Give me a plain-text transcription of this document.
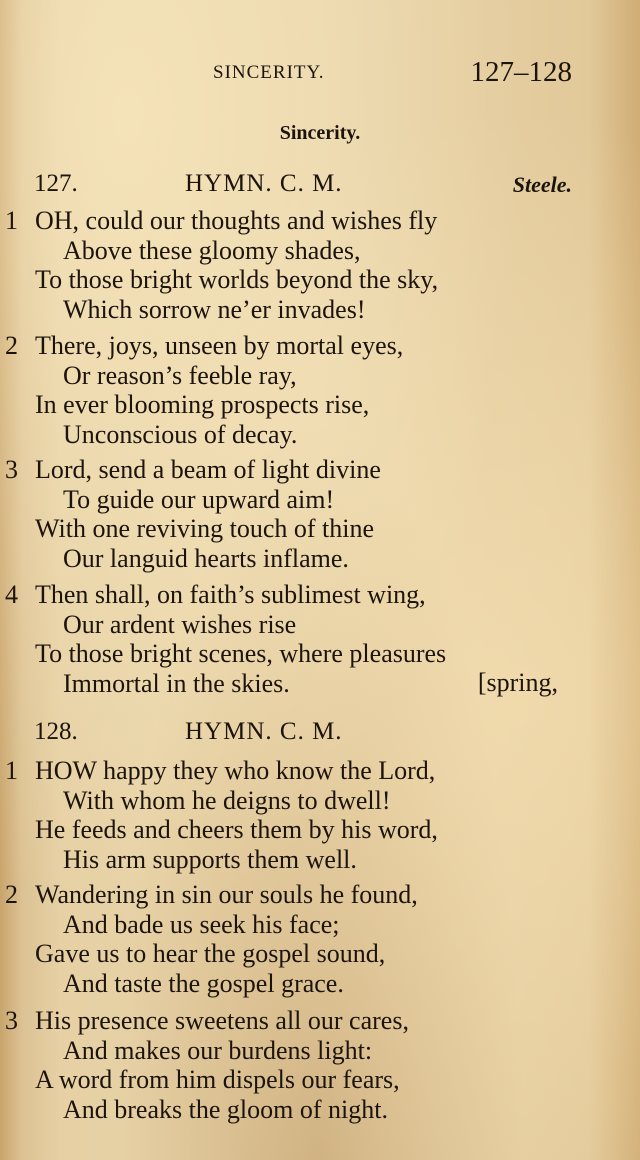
SINCERITY.	127–128
Sincerity.
127.	HYMN. C. M.	Steele.
1 OH, could our thoughts and wishes fly
Above these gloomy shades,
To those bright worlds beyond the sky,
Which sorrow ne’er invades!
2 There, joys, unseen by mortal eyes,
Or reason’s feeble ray,
In ever blooming prospects rise,
Unconscious of decay.
3 Lord, send a beam of light divine
To guide our upward aim!
With one reviving touch of thine
Our languid hearts inflame.
4 Then shall, on faith’s sublimest wing,
Our ardent wishes rise
To those bright scenes, where pleasures
Immortal in the skies.	[spring,
128.	HYMN. C. M.
1 HOW happy they who know the Lord,
With whom he deigns to dwell!
He feeds and cheers them by his word,
His arm supports them well.
2 Wandering in sin our souls he found,
And bade us seek his face;
Gave us to hear the gospel sound,
And taste the gospel grace.
3 His presence sweetens all our cares,
And makes our burdens light:
A word from him dispels our fears,
And breaks the gloom of night.
